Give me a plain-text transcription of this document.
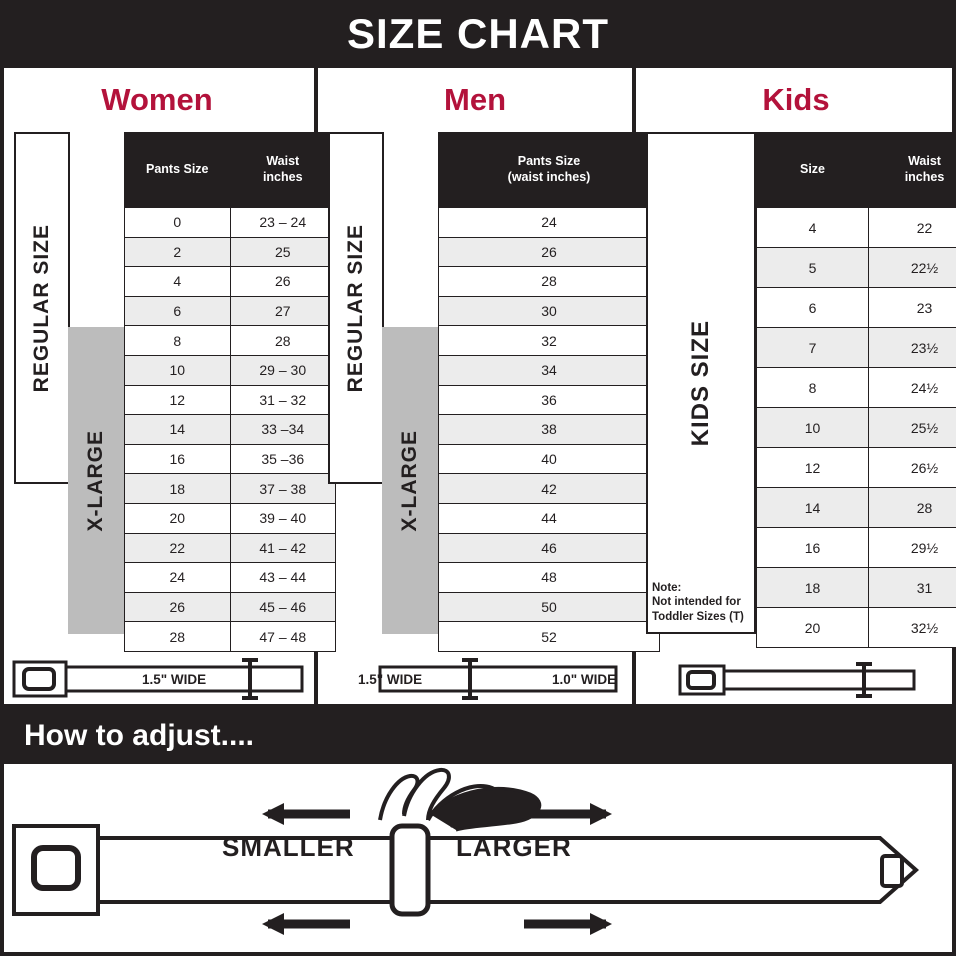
SIZE CHART
Women
REGULAR SIZE
X-LARGE
Pants Size	Waist
inches
0	23 – 24
2	25
4	26
6	27
8	28
10	29 – 30
12	31 – 32
14	33 –34
16	35 –36
18	37 – 38
20	39 – 40
22	41 – 42
24	43 – 44
26	45 – 46
28	47 – 48
$^{1.5" WIDE}$
Men
REGULAR SIZE
X-LARGE
Pants Size
(waist inches)
24
26
28
30
32
34
36
38
40
42
44
46
48
50
52
$^{1.5" WIDE}$
Kids
KIDS SIZE
Note:
Not intended for
Toddler Sizes (T)
Size	Waist
inches
4	22
5	22½
6	23
7	23½
8	24½
10	25½
12	26½
14	28
16	29½
18	31
20	32½
$^{1.0" WIDE}$
How to adjust....
SMALLER	LARGER
